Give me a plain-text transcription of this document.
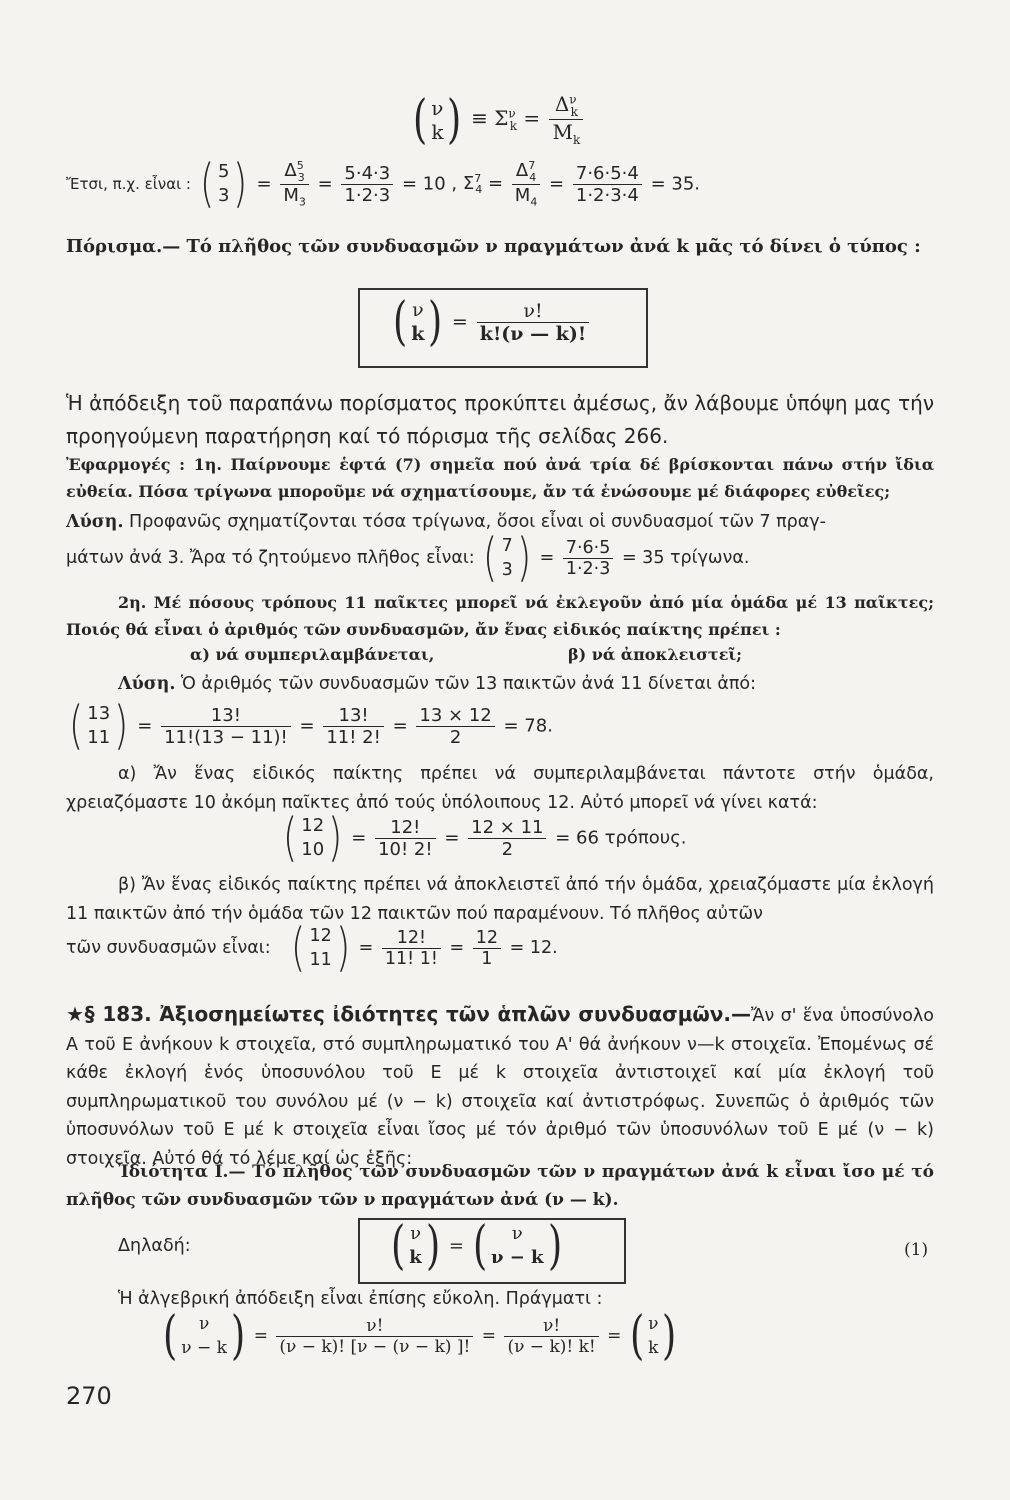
( ν
k ) ≡ $\Sigma^\nu_k = \frac{\Delta^\nu_k}{M_k}$
Ἔτσι, π.χ. εἶναι : ( 5
3 ) = $\frac{\Delta^5_3}{M_3} = \frac{5\cdot 4\cdot 3}{1\cdot 2\cdot 3} = 10$ , $\Sigma^7_4 = \frac{\Delta^7_4}{M_4} = \frac{7\cdot 6\cdot 5\cdot 4}{1\cdot 2\cdot 3\cdot 4} = 35$.
Πόρισμα.— Τό πλῆθος τῶν συνδυασμῶν ν πραγμάτων ἀνά k μᾶς τό δίνει ὁ τύπος :
( ν
k ) = $\frac{\nu!}{k!(\nu — k)!}$
Ἡ ἀπόδειξη τοῦ παραπάνω πορίσματος προκύπτει ἀμέσως, ἄν λάβουμε ὑπόψη μας τήν προηγούμενη παρατήρηση καί τό πόρισμα τῆς σελίδας 266.
Ἐφαρμογές : 1η. Παίρνουμε ἑφτά (7) σημεῖα πού ἀνά τρία δέ βρίσκονται πάνω στήν ἴδια εὐθεία. Πόσα τρίγωνα μποροῦμε νά σχηματίσουμε, ἄν τά ἑνώσουμε μέ διάφορες εὐθεῖες;
Λύση. Προφανῶς σχηματίζονται τόσα τρίγωνα, ὅσοι εἶναι οἱ συνδυασμοί τῶν 7 πραγ-
μάτων ἀνά 3. Ἄρα τό ζητούμενο πλῆθος εἶναι: ( 7
3 ) = $\frac{7\cdot 6\cdot 5}{1\cdot 2\cdot 3} = 35$ τρίγωνα.
2η. Μέ πόσους τρόπους 11 παῖκτες μπορεῖ νά ἐκλεγοῦν ἀπό μία ὁμάδα μέ 13 παῖκτες; Ποιός θά εἶναι ὁ ἀριθμός τῶν συνδυασμῶν, ἄν ἕνας εἰδικός παίκτης πρέπει :
α) νά συμπεριλαμβάνεται,	β) νά ἀποκλειστεῖ;
Λύση. Ὁ ἀριθμός τῶν συνδυασμῶν τῶν 13 παικτῶν ἀνά 11 δίνεται ἀπό:
( 13
11 ) = $\frac{13!}{11!(13 - 11)!} = \frac{13!}{11! 2!} = \frac{13 \times 12}{2} = 78$.
α) Ἄν ἕνας εἰδικός παίκτης πρέπει νά συμπεριλαμβάνεται πάντοτε στήν ὁμάδα, χρειαζόμαστε 10 ἀκόμη παῖκτες ἀπό τούς ὑπόλοιπους 12. Αὐτό μπορεῖ νά γίνει κατά:
( 12
10 ) = $\frac{12!}{10! 2!} = \frac{12 \times 11}{2} = 66$ τρόπους.
β) Ἄν ἕνας εἰδικός παίκτης πρέπει νά ἀποκλειστεῖ ἀπό τήν ὁμάδα, χρειαζόμαστε μία ἐκλογή 11 παικτῶν ἀπό τήν ὁμάδα τῶν 12 παικτῶν πού παραμένουν. Τό πλῆθος αὐτῶν
τῶν συνδυασμῶν εἶναι: ( 12
11 ) = $\frac{12!}{11! 1!} = \frac{12}{1} = 12$.
★§ 183. Ἀξιοσημείωτες ἰδιότητες τῶν ἁπλῶν συνδυασμῶν.—Ἄν σ' ἕνα ὑποσύνολο A τοῦ E ἀνήκουν k στοιχεῖα, στό συμπληρωματικό του A' θά ἀνήκουν ν—k στοιχεῖα. Ἐπομένως σέ κάθε ἐκλογή ἑνός ὑποσυνόλου τοῦ E μέ k στοιχεῖα ἀντιστοιχεῖ καί μία ἐκλογή τοῦ συμπληρωματικοῦ του συνόλου μέ (ν − k) στοιχεῖα καί ἀντιστρόφως. Συνεπῶς ὁ ἀριθμός τῶν ὑποσυνόλων τοῦ E μέ k στοιχεῖα εἶναι ἴσος μέ τόν ἀριθμό τῶν ὑποσυνόλων τοῦ E μέ (ν − k) στοιχεῖα. Αὐτό θά τό λέμε καί ὡς ἑξῆς:
Ἰδιότητα Ι.— Τό πλῆθος τῶν συνδυασμῶν τῶν ν πραγμάτων ἀνά k εἶναι ἴσο μέ τό πλῆθος τῶν συνδυασμῶν τῶν ν πραγμάτων ἀνά (ν — k).
Δηλαδή:	( ν
k ) = ( ν
ν − k )	(1)
Ἡ ἀλγεβρική ἀπόδειξη εἶναι ἐπίσης εὔκολη. Πράγματι :
( ν
ν − k ) = $\frac{\nu!}{(\nu - k)! [\nu - (\nu - k) ]!} = \frac{\nu!}{(\nu - k)! k!}$ = ( ν
k )
270
